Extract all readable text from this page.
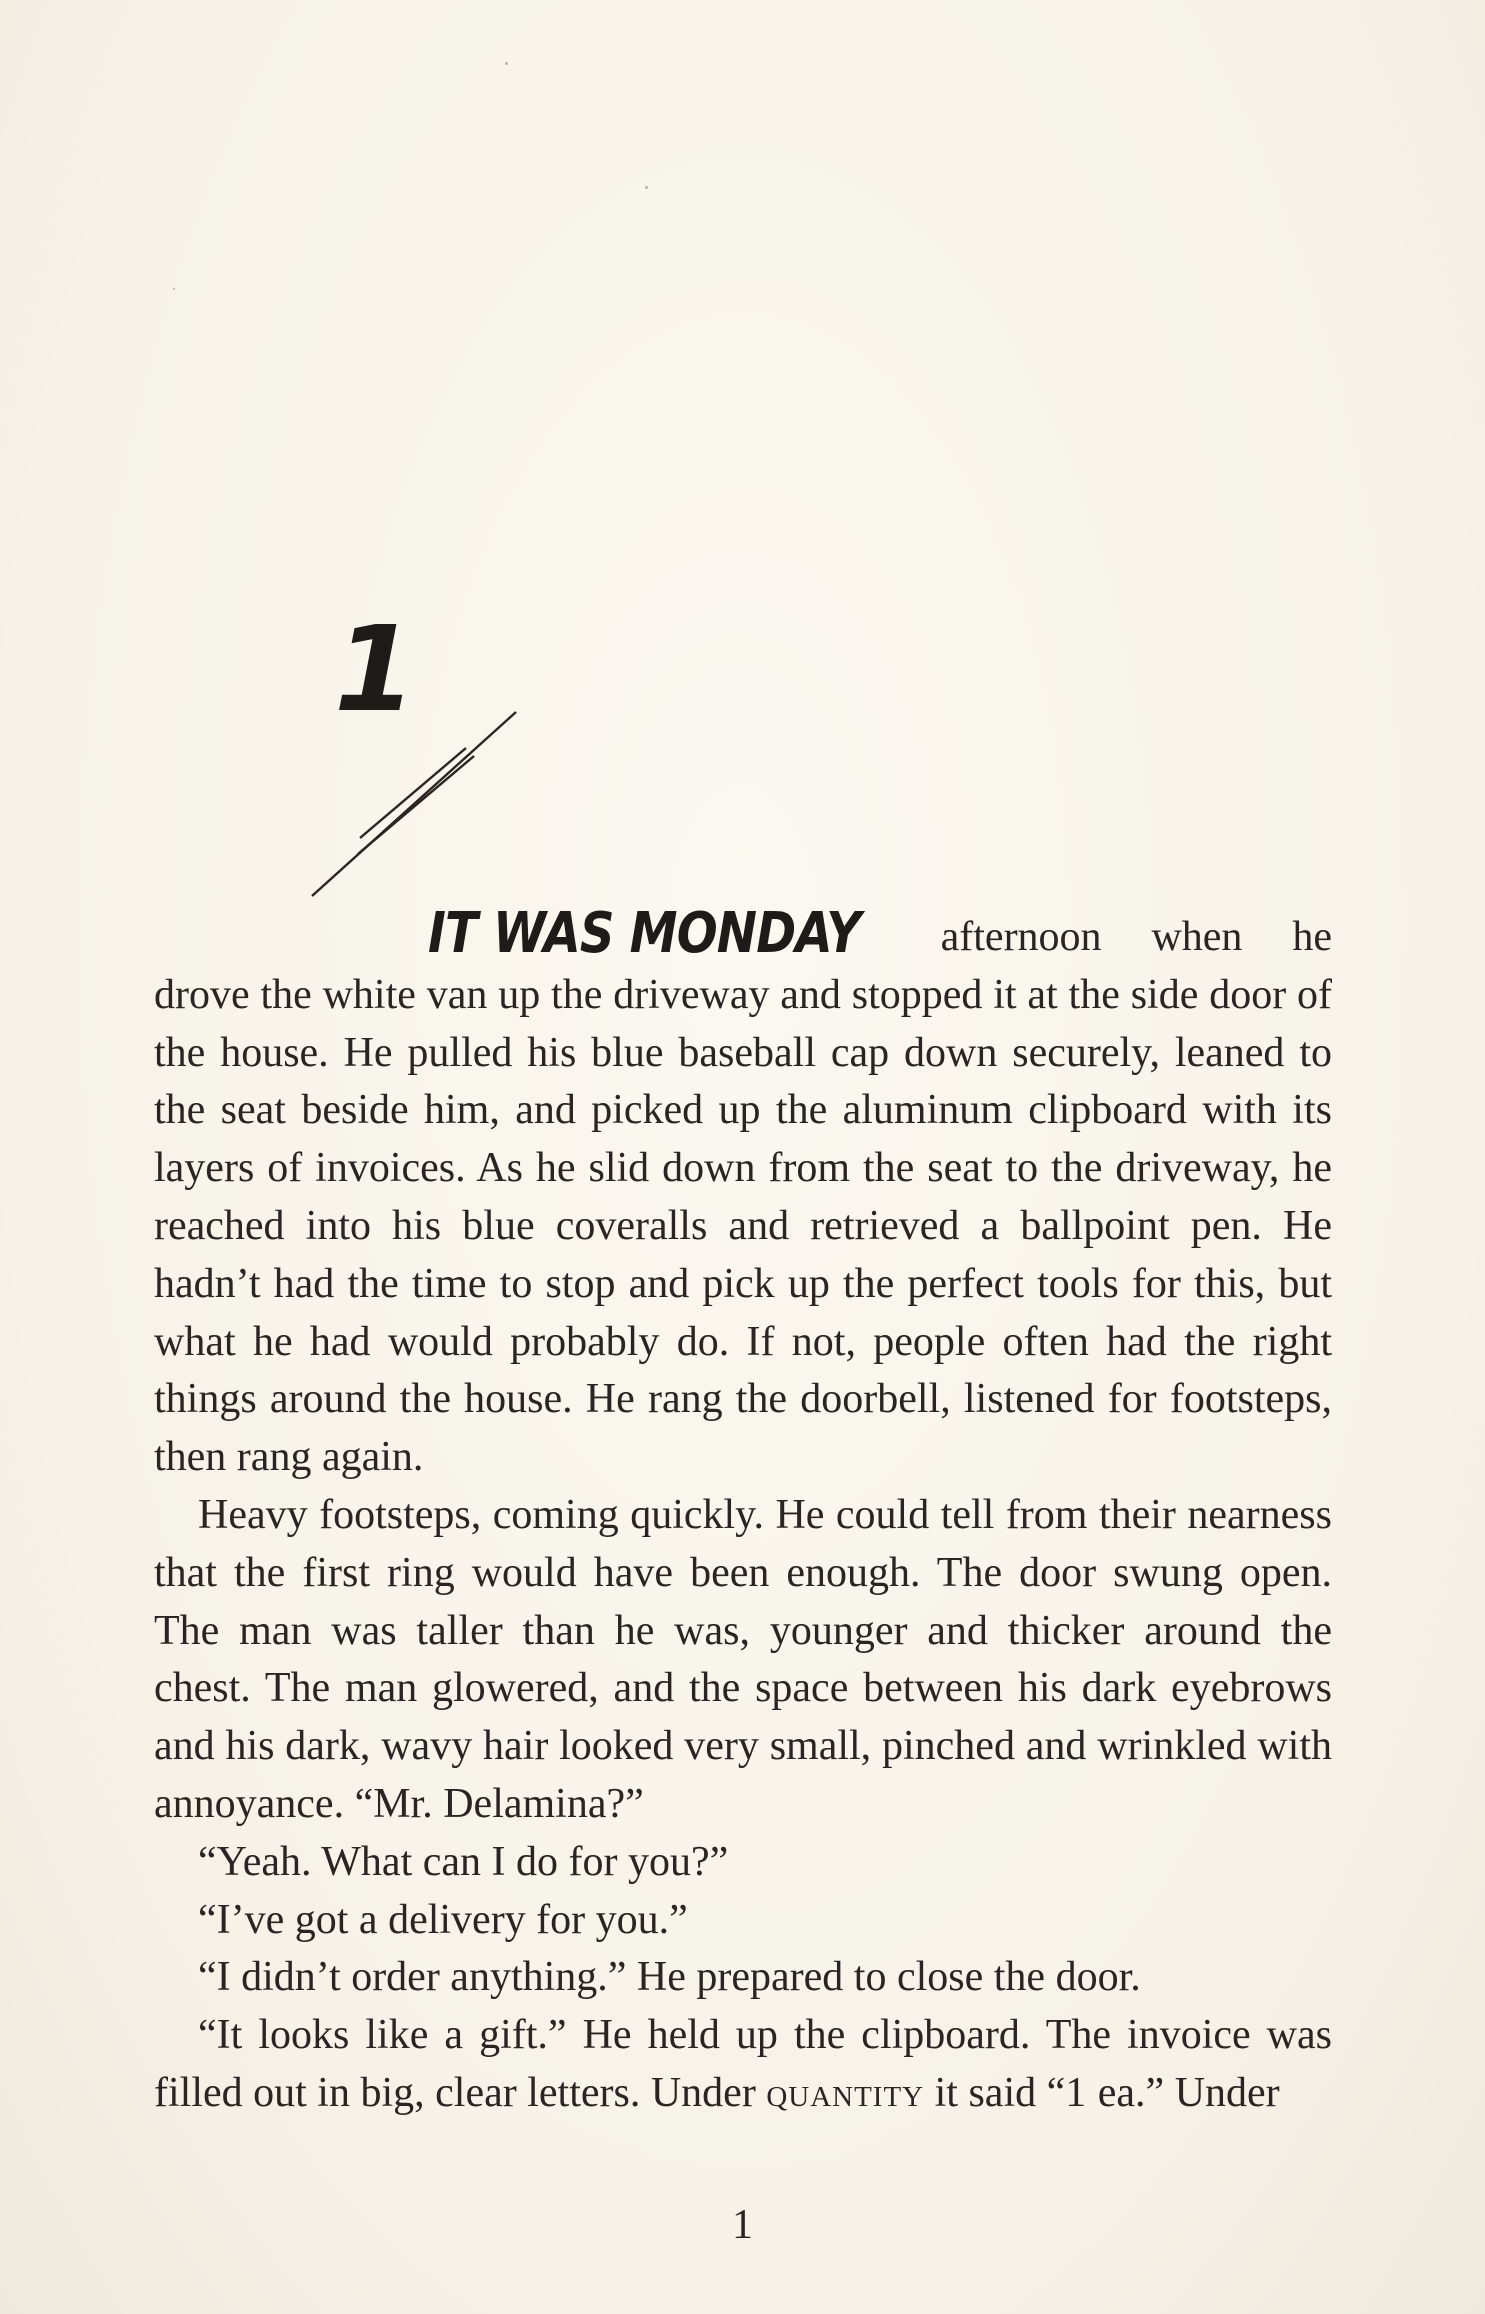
1

IT WAS MONDAY afternoon when he drove the white van up the driveway and stopped it at the side door of the house. He pulled his blue baseball cap down securely, leaned to the seat beside him, and picked up the aluminum clipboard with its layers of invoices. As he slid down from the seat to the driveway, he reached into his blue coveralls and retrieved a ballpoint pen. He hadn’t had the time to stop and pick up the perfect tools for this, but what he had would probably do. If not, people often had the right things around the house. He rang the doorbell, listened for footsteps, then rang again.

Heavy footsteps, coming quickly. He could tell from their nearness that the first ring would have been enough. The door swung open. The man was taller than he was, younger and thicker around the chest. The man glowered, and the space between his dark eyebrows and his dark, wavy hair looked very small, pinched and wrinkled with annoyance. “Mr. Delamina?”

“Yeah. What can I do for you?”

“I’ve got a delivery for you.”

“I didn’t order anything.” He prepared to close the door.

“It looks like a gift.” He held up the clipboard. The invoice was filled out in big, clear letters. Under quantity it said “1 ea.” Under

1
